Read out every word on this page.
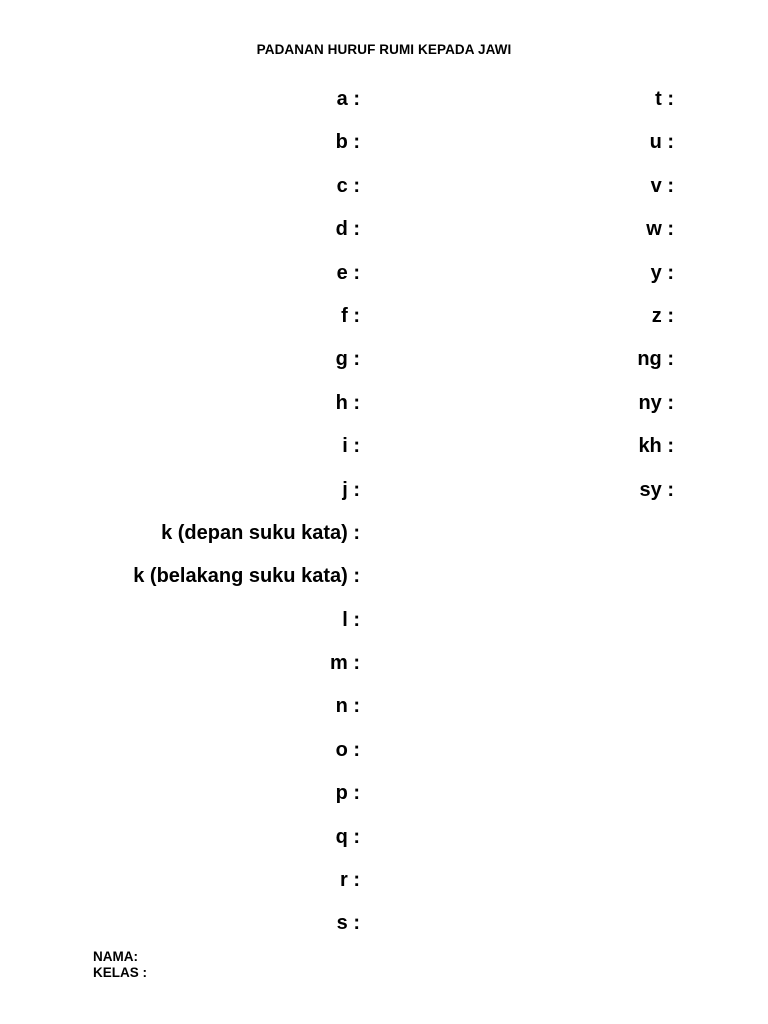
PADANAN HURUF RUMI KEPADA JAWI
a :
b :
c :
d :
e :
f :
g :
h :
i :
j :
k (depan suku kata) :
k (belakang suku kata) :
l :
m :
n :
o :
p :
q :
r :
s :
t :
u :
v :
w :
y :
z :
ng :
ny :
kh :
sy :
NAMA:
KELAS :
